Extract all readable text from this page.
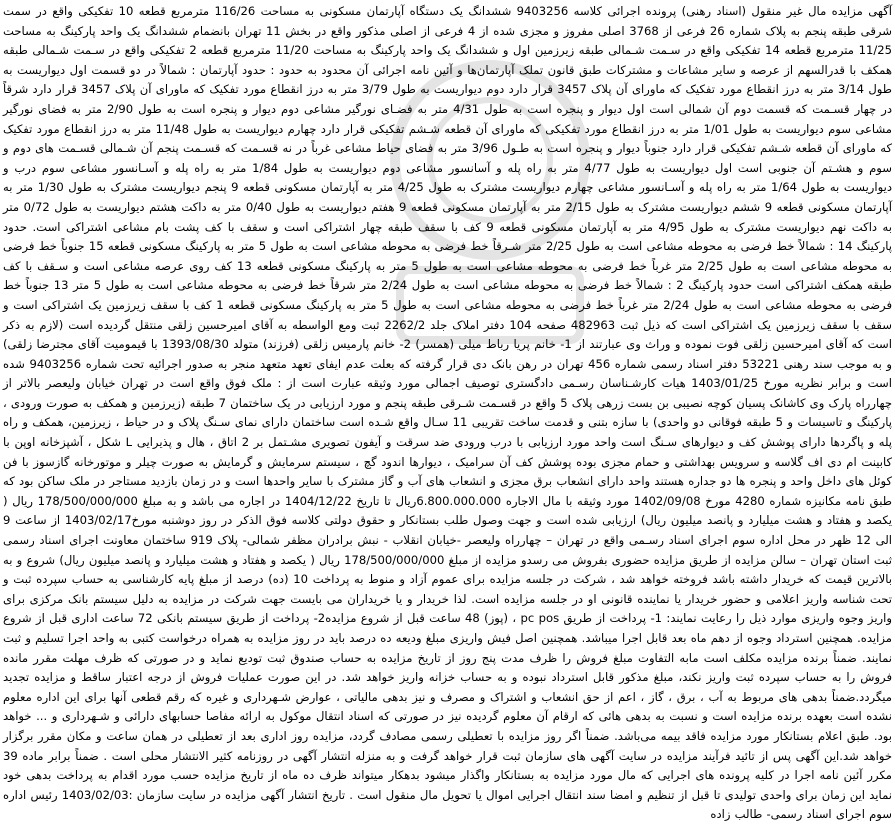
آگهی مزایده مال غیر منقول (اسناد رهنی) پرونده اجرائی کلاسه 9403256 ششدانگ یک دستگاه آپارتمان مسکونی به مساحت 116/26 مترمربع قطعه 10 تفکیکی واقع در سمت شرقی طبقه پنجم به پلاک شماره 26 فرعی از 3768 اصلی مفروز و مجزی شده از 4 فرعی از اصلی مذکور واقع در بخش 11 تهران بانضمام ششدانگ یک واحد پارکینگ به مساحت 11/25 مترمربع قطعه 14 تفکیکی واقع در سـمت شـمالی طبقه زیرزمین اول و ششدانگ یک واحد پارکینگ به مساحت 11/20 مترمربع قطعه 2 تفکیکی واقع در سـمت شـمالی طبقه همکف با قدرالسهم از عرصه و سایر مشاعات و مشترکات طبق قانون تملک آپارتمان‌ها و آئین نامه اجرائی آن محدود به حدود : حدود آپارتمان : شمالاً در دو قسمت اول دیواریست به طول 3/14 متر به درز انقطاع مورد تفکیک که ماورای آن پلاک 3457 قرار دارد دوم دیواریست به طول 3/79 متر به درز انقطاع مورد تفکیک که ماورای آن پلاک 3457 قرار دارد شرقاً در چهار قسـمت که قسمت دوم آن شمالی است اول دیوار و پنجره است به طول 4/31 متر به فضـای نورگیر مشاعی دوم دیوار و پنجره است به طول 2/90 متر به فضای نورگیر مشاعی سوم دیواریست به طول 1/01 متر به درز انقطاع مورد تفکیکی که ماورای آن قطعه شـشم تفکیکی قرار دارد چهارم دیواریست به طول 11/48 متر به درز انقطاع مورد تفکیک که ماورای آن قطعه شـشم تفکیکی قرار دارد جنوباً دیوار و پنجره است به طـول 3/96 متر به فضای حیاط مشاعی غرباً در نه قسـمت که قسـمت پنجم آن شـمالی قسـمت های دوم و سوم و هشـتم آن جنوبی است اول دیواریست به طول 4/77 متر به راه پله و آسانسور مشاعی دوم دیواریست به طول 1/84 متر به راه پله و آسـانسور مشاعی سوم درب و دیواریست به طول 1/64 متر به راه پله و آسـانسور مشاعی چهارم دیواریست مشترک به طول 4/25 متر به آپارتمان مسکونی قطعه 9 پنجم دیواریست مشترک به طول 1/30 متر به آپارتمان مسکونی قطعه 9 ششم دیواریست مشترک به طول 2/15 متر به آپارتمان مسکونی قطعه 9 هفتم دیواریست به طول 0/40 متر به داکت هشتم دیواریست به طول 0/72 متر به داکت نهم دیواریست مشترک به طول 4/95 متر به آپارتمان مسکونی قطعه 9 کف با سقف طبقه چهار اشتراکی است و سقف با کف پشت بام مشاعی اشتراکی است. حدود پارکینگ 14 : شمالاً خط فرضی به محوطه مشاعی است به طول 2/25 متر شـرقاً خط فرضی به محوطه مشاعی است به طول 5 متر به پارکینگ مسکونی قطعه 15 جنوباً خط فرضی به محوطه مشاعی است به طول 2/25 متر غرباً خط فرضی به محوطه مشاعی است به طول 5 متر به پارکینگ مسکونی قطعه 13 کف روی عرصه مشاعی است و سـقف با کف طبقه همکف اشتراکی است حدود پارکینگ 2 : شمالاً خط فرضی به محوطه مشاعی است به طول 2/24 متر شرقاً خط فرضی به محوطه مشاعی است به طول 5 متر 13 جنوباً خط فرضی به محوطه مشاعی است به طول 2/24 متر غرباً خط فرضی به محوطه مشاعی است به طول 5 متر به پارکینگ مسکونی قطعه 1 کف با سقف زیرزمین یک اشتراکی است و سقف با سقف زیرزمین یک اشتراکی است که ذیل ثبت 482963 صفحه 104 دفتر املاک جلد 2262/2 ثبت ومع الواسطه به آقای امیرحسین زلقی منتقل گردیده است (لازم به ذکر است که آقای امیرحسین زلقی فوت نموده و وراث وی عبارتند از 1- خانم پریا رباط میلی (همسر) 2- خانم پارمیس زلقی (فرزند) متولد 1393/08/30 با قیمومیت آقای مجترضا زلقی) و به موجب سند رهنی 53221 دفتر اسناد رسمی شماره 456 تهران در رهن بانک دی قرار گرفته که بعلت عدم ایفای تعهد متعهد منجر به صدور اجرائیه تحت شماره 9403256 شده است و برابر نظریه مورخ 1403/01/25 هیات کارشـناسان رسـمی دادگستری توصیف اجمالی مورد وثیقه عبارت است از : ملک فوق واقع است در تهران خیابان ولیعصر بالاتر از چهارراه پارک وی کاشانک پسیان کوچه نصیبی بن بست زرهی پلاک 5 واقع در قسـمت شـرقی طبقه پنجم و مورد ارزیابی در یک ساختمان 7 طبقه (زیرزمین و همکف به صورت ورودی ، پارکینگ و تاسیسات و 5 طبقه فوقانی دو واحدی) با سازه بتنی و قدمت ساخت تقریبی 11 سـال واقع شـده است ساختمان دارای نمای سـنگ پلاک و در حیاط ، زیرزمین، همکف و راه پله و پاگردها دارای پوشش کف و دیوارهای سـنگ است واحد مورد ارزیابی با درب ورودی ضد سرقت و آیفون تصویری مشـتمل بر 2 اتاق ، هال و پذیرایی L شکل ، آشپزخانه اوپن با کابینت ام دی اف گلاسه و سرویس بهداشتی و حمام مجزی بوده پوشش کف آن سرامیک ، دیوارها اندود گچ ، سیستم سرمایش و گرمایش به صورت چیلر و موتورخانه گازسوز با فن کوئل های داخل واحد و پنجره ها دو جداره هستند واحد دارای انشعاب برق مجزی و انشعاب های آب و گاز مشترک با سایر واحدها است و در زمان بازدید مستاجر در ملک ساکن بود که طبق نامه مکانیزه شماره 4280 مورخ 1402/09/08 مورد وثیقه با مال الاجاره 6.800.000.000ریال تا تاریخ 1404/12/22 در اجاره می باشد و به مبلغ 178/500/000/000 ریال ( یکصد و هفتاد و هشت میلیارد و پانصد میلیون ریال) ارزیابی شده است و جهت وصول طلب بستانکار و حقوق دولتی کلاسه فوق الذکر در روز دوشنبه مورخ1403/02/17 از ساعت 9 الی 12 ظهر در محل اداره سوم اجرای اسناد رسـمی واقع در تهران – چهارراه ولیعصر -خیابان انقلاب - نبش برادران مظفر شمالی- پلاک 919 ساختمان معاونت اجرای اسناد رسمی ثبت استان تهران – سالن مزایده از طریق مزایده حضوری بفروش می رسدو مزایده از مبلغ 178/500/000/000 ریال ( یکصد و هفتاد و هشت میلیارد و پانصد میلیون ریال) شروع و به بالاترین قیمت که خریدار داشته باشد فروخته خواهد شد ، شرکت در جلسه مزایده برای عموم آزاد و منوط به پرداخت 10 (ده) درصد از مبلغ پایه کارشناسی به حساب سپرده ثبت و تحت شناسه واریز اعلامی و حضور خریدار یا نماینده قانونی او در جلسه مزایده است. لذا خریدار و یا خریداران می بایست جهت شرکت در مزایده به دلیل سیستم بانک مرکزی برای واریز وجوه واریزی موارد ذیل را رعایت نمایند: 1- پرداخت از طریق pc pos ، (پوز) 48 ساعت قبل از شروع مزایده2- پرداخت از طریق سیستم بانکی 72 ساعت اداری قبل از شروع مزایده. همچنین استرداد وجوه از دهم ماه بعد قابل اجرا میباشد. همچنین اصل فیش واریزی مبلغ ودیعه ده درصد باید در روز مزایده به همراه درخواست کتبی به واحد اجرا تسلیم و ثبت نمایند. ضمناً برنده مزایده مکلف است مابه التفاوت مبلغ فروش را ظرف مدت پنج روز از تاریخ مزایده به حساب صندوق ثبت تودیع نماید و در صورتی که ظرف مهلت مقرر مانده فروش را به حساب سپرده ثبت واریز نکند، مبلغ مذکور قابل استرداد نبوده و به حساب خزانه واریز خواهد شد. در این صورت عملیات فروش از درجه اعتبار ساقط و مزایده تجدید میگردد.ضمناً بدهی های مربوط به آب ، برق ، گاز ، اعم از حق انشعاب و اشتراک و مصرف و نیز بدهی مالیاتی ، عوارض شـهرداری و غیره که رقم قطعی آنها برای این اداره معلوم نشده است بعهده برنده مزایده است و نسبت به بدهی هائی که ارقام آن معلوم گردیده نیز در صورتی که اسناد انتقال موکول به ارائه مفاصا حسابهای دارائی و شـهرداری و ... خواهد بود. طبق اعلام بستانکار مورد مزایده فاقد بیمه می‌باشد. ضمناً اگر روز مزایده با تعطیلی رسمی مصادف گردد، مزایده روز اداری بعد از تعطیلی در همان ساعت و مکان مقرر برگزار خواهد شد.این آگهی پس از تائید فرآیند مزایده در سایت آگهی های سازمان ثبت قرار خواهد گرفت و به منزله انتشار آگهی در روزنامه کثیر الانتشار محلی است . ضمناً برابر ماده 39 مکرر آئین نامه اجرا در کلیه پرونده های اجرایی که مال مورد مزایده به بستانکار واگذار میشود بدهکار میتواند ظرف ده ماه از تاریخ مزایده حسب مورد اقدام به پرداخت بدهی خود نماید این زمان برای واحدی تولیدی تا قبل از تنظیم و امضا سند انتقال اجرایی اموال یا تحویل مال منقول است . تاریخ انتشار آگهی مزایده در سایت سازمان :1403/02/03 رئیس اداره سوم اجرای اسناد رسمی- طالب زاده
